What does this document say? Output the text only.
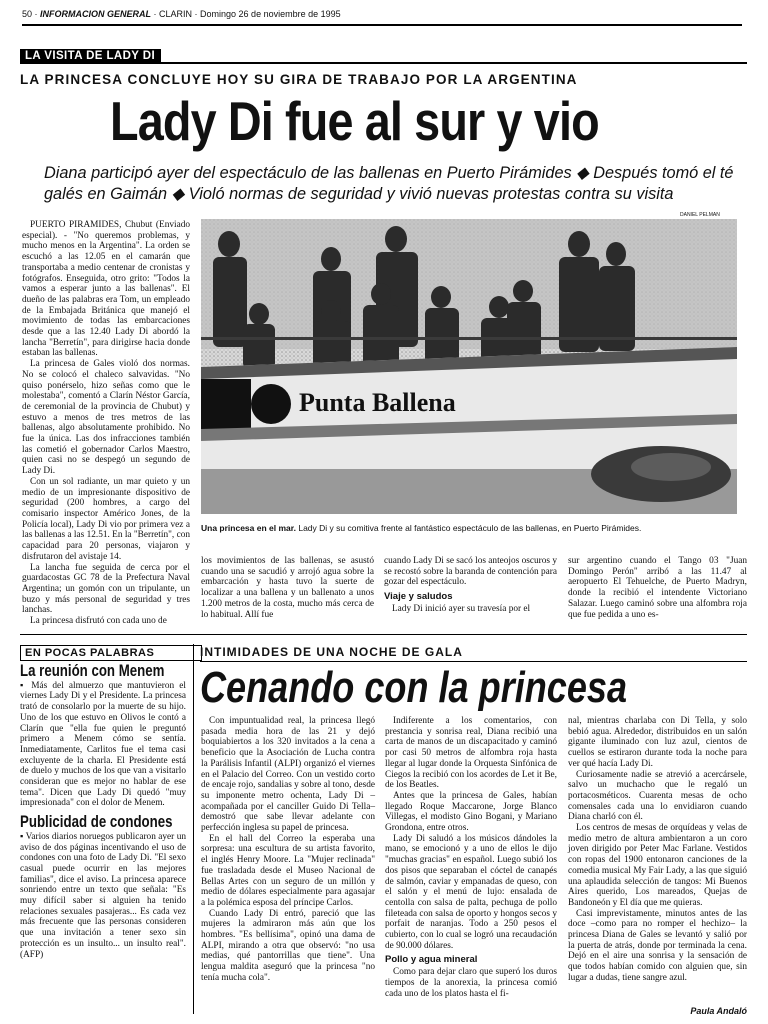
50 · INFORMACION GENERAL · CLARIN · Domingo 26 de noviembre de 1995
LA VISITA DE LADY DI
LA PRINCESA CONCLUYE HOY SU GIRA DE TRABAJO POR LA ARGENTINA
Lady Di fue al sur y vio
Diana participó ayer del espectáculo de las ballenas en Puerto Pirámides ◆ Después tomó el té galés en Gaimán ◆ Violó normas de seguridad y vivió nuevas protestas contra su visita

PUERTO PIRAMIDES, Chubut (Enviado especial). - "No queremos problemas, y mucho menos en la Argentina". La orden se escuchó a las 12.05 en el camarán que transportaba a medio centenar de cronistas y fotógrafos. Enseguida, otro grito: "Todos la vamos a esperar junto a las ballenas". El dueño de las palabras era Tom, un empleado de la Embajada Británica que manejó el movimiento de todas las embarcaciones desde que a las 12.40 Lady Di abordó la lancha "Berretín", para dirigirse hacia donde estaban las ballenas.

La princesa de Gales violó dos normas. No se colocó el chaleco salvavidas. "No quiso ponérselo, hizo señas como que le molestaba", comentó a Clarín Néstor García, de ceremonial de la provincia de Chubut) y estuvo a menos de tres metros de las ballenas, algo absolutamente prohibido. No fue la única. Las dos infracciones también las cometió el gobernador Carlos Maestro, quien casi no se despegó un segundo de Lady Di.

Con un sol radiante, un mar quieto y un medio de un impresionante dispositivo de seguridad (200 hombres, a cargo del comisario inspector Américo Jones, de la Policía local), Lady Di vio por primera vez a las ballenas a las 12.51. En la "Berretín", con capacidad para 20 personas, viajaron y disfrutaron del avistaje 14.

La lancha fue seguida de cerca por el guardacostas GC 78 de la Prefectura Naval Argentina; un gomón con un tripulante, un buzo y más personal de seguridad y tres lanchas.

La princesa disfrutó con cada uno de

DANIEL PELMAN
Punta Ballena
Una princesa en el mar. Lady Di y su comitiva frente al fantástico espectáculo de las ballenas, en Puerto Pirámides.

los movimientos de las ballenas, se asustó cuando una se sacudió y arrojó agua sobre la embarcación y hasta tuvo la suerte de localizar a una ballena y un ballenato a unos 1.200 metros de la costa, mucho más cerca de lo habitual. Allí fue

cuando Lady Di se sacó los anteojos oscuros y se recostó sobre la baranda de contención para gozar del espectáculo.

Viaje y saludos

Lady Di inició ayer su travesía por el

sur argentino cuando el Tango 03 "Juan Domingo Perón" arribó a las 11.47 al aeropuerto El Tehuelche, de Puerto Madryn, donde la recibió el intendente Victoriano Salazar. Luego caminó sobre una alfombra roja que fue pedida a uno es-

EN POCAS PALABRAS
La reunión con Menem

▪ Más del almuerzo que mantuvieron el viernes Lady Di y el Presidente. La princesa trató de consolarlo por la muerte de su hijo. Uno de los que estuvo en Olivos le contó a Clarín que "ella fue quien le preguntó primero a Menem cómo se sentía. Inmediatamente, Carlitos fue el tema casi excluyente de la charla. El Presidente está de duelo y muchos de los que van a visitarlo consideran que es mejor no hablar de ese tema". Dicen que Lady Di quedó "muy impresionada" con el dolor de Menem.

Publicidad de condones

▪ Varios diarios noruegos publicaron ayer un aviso de dos páginas incentivando el uso de condones con una foto de Lady Di. "El sexo casual puede ocurrir en las mejores familias", dice el aviso. La princesa aparece sonriendo entre un texto que señala: "Es muy difícil saber si alguien ha tenido relaciones sexuales pasajeras... Es cada vez más frecuente que las personas consideren que una invitación a tener sexo sin protección es un insulto... un insulto real". (AFP)

INTIMIDADES DE UNA NOCHE DE GALA
Cenando con la princesa

Con impuntualidad real, la princesa llegó pasada media hora de las 21 y dejó boquiabiertos a los 320 invitados a la cena a beneficio que la Asociación de Lucha contra la Parálisis Infantil (ALPI) organizó el viernes en el Palacio del Correo. Con un vestido corto de encaje rojo, sandalias y sobre al tono, desde su imponente metro ochenta, Lady Di –acompañada por el canciller Guido Di Tella– demostró que sabe llevar adelante con perfección inglesa su papel de princesa.

En el hall del Correo la esperaba una sorpresa: una escultura de su artista favorito, el inglés Henry Moore. La "Mujer reclinada" fue trasladada desde el Museo Nacional de Bellas Artes con un seguro de un millón y medio de dólares especialmente para agasajar a la polémica esposa del príncipe Carlos.

Cuando Lady Di entró, pareció que las mujeres la admiraron más aún que los hombres. "Es bellísima", opinó una dama de ALPI, mirando a otra que observó: "no usa medias, qué pantorrillas que tiene". Una lengua maldita aseguró que la princesa "no tenía mucha cola".

Indiferente a los comentarios, con prestancia y sonrisa real, Diana recibió una carta de manos de un discapacitado y caminó por casi 50 metros de alfombra roja hasta llegar al lugar donde la Orquesta Sinfónica de Ciegos la recibió con los acordes de Let it Be, de los Beatles.

Antes que la princesa de Gales, habían llegado Roque Maccarone, Jorge Blanco Villegas, el modisto Gino Bogani, y Mariano Grondona, entre otros.

Lady Di saludó a los músicos dándoles la mano, se emocionó y a uno de ellos le dijo "muchas gracias" en español. Luego subió los dos pisos que separaban el cóctel de canapés de salmón, caviar y empanadas de queso, con el salón y el menú de lujo: ensalada de centolla con salsa de palta, pechuga de pollo fileteada con salsa de oporto y hongos secos y porfait de naranjas. Todo a 250 pesos el cubierto, con lo cual se logró una recaudación de 90.000 dólares.

Pollo y agua mineral

Como para dejar claro que superó los duros tiempos de la anorexia, la princesa comió cada uno de los platos hasta el fi-

nal, mientras charlaba con Di Tella, y solo bebió agua. Alrededor, distribuidos en un salón gigante iluminado con luz azul, cientos de cuellos se estiraron durante toda la noche para ver qué hacía Lady Di.

Curiosamente nadie se atrevió a acercársele, salvo un muchacho que le regaló un portacosméticos. Cuarenta mesas de ocho comensales cada una lo envidiaron cuando Diana charló con él.

Los centros de mesas de orquídeas y velas de medio metro de altura ambientaron a un coro joven dirigido por Peter Mac Farlane. Vestidos con ropas del 1900 entonaron canciones de la comedia musical My Fair Lady, a las que siguió una aplaudida selección de tangos: Mi Buenos Aires querido, Los mareados, Quejas de Bandoneón y El día que me quieras.

Casi imprevistamente, minutos antes de las doce –como para no romper el hechizo– la princesa Diana de Gales se levantó y salió por la puerta de atrás, donde por terminada la cena. Dejó en el aire una sonrisa y la sensación de que todos habían comido con alguien que, sin lugar a dudas, tiene sangre azul.

Paula Andaló
